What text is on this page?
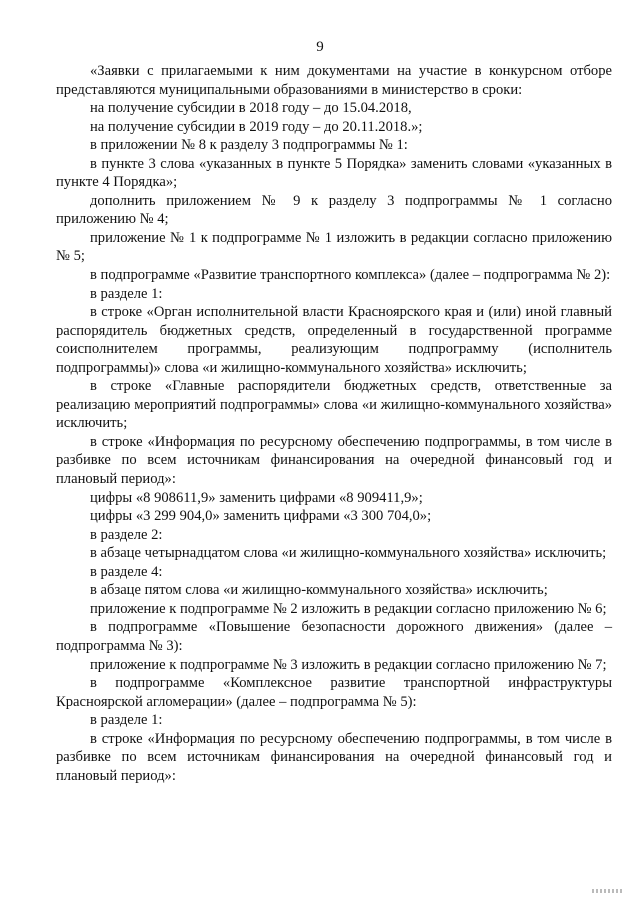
9

«Заявки с прилагаемыми к ним документами на участие в конкурсном отборе представляются муниципальными образованиями в министерство в сроки:

на получение субсидии в 2018 году – до 15.04.2018,

на получение субсидии в 2019 году – до 20.11.2018.»;

в приложении № 8 к разделу 3 подпрограммы № 1:

в пункте 3 слова «указанных в пункте 5 Порядка» заменить словами «указанных в пункте 4 Порядка»;

дополнить приложением № 9 к разделу 3 подпрограммы № 1 согласно приложению № 4;

приложение № 1 к подпрограмме № 1 изложить в редакции согласно приложению № 5;

в подпрограмме «Развитие транспортного комплекса» (далее – подпрограмма № 2):

в разделе 1:

в строке «Орган исполнительной власти Красноярского края и (или) иной главный распорядитель бюджетных средств, определенный в государственной программе соисполнителем программы, реализующим подпрограмму (исполнитель подпрограммы)» слова «и жилищно-коммунального хозяйства» исключить;

в строке «Главные распорядители бюджетных средств, ответственные за реализацию мероприятий подпрограммы» слова «и жилищно-коммунального хозяйства» исключить;

в строке «Информация по ресурсному обеспечению подпрограммы, в том числе в разбивке по всем источникам финансирования на очередной финансовый год и плановый период»:

цифры «8 908611,9» заменить цифрами «8 909411,9»;

цифры «3 299 904,0» заменить цифрами «3 300 704,0»;

в разделе 2:

в абзаце четырнадцатом слова «и жилищно-коммунального хозяйства» исключить;

в разделе 4:

в абзаце пятом слова «и жилищно-коммунального хозяйства» исключить;

приложение к подпрограмме № 2 изложить в редакции согласно приложению № 6;

в подпрограмме «Повышение безопасности дорожного движения» (далее – подпрограмма № 3):

приложение к подпрограмме № 3 изложить в редакции согласно приложению № 7;

в подпрограмме «Комплексное развитие транспортной инфраструктуры Красноярской агломерации» (далее – подпрограмма № 5):

в разделе 1:

в строке «Информация по ресурсному обеспечению подпрограммы, в том числе в разбивке по всем источникам финансирования на очередной финансовый год и плановый период»:
